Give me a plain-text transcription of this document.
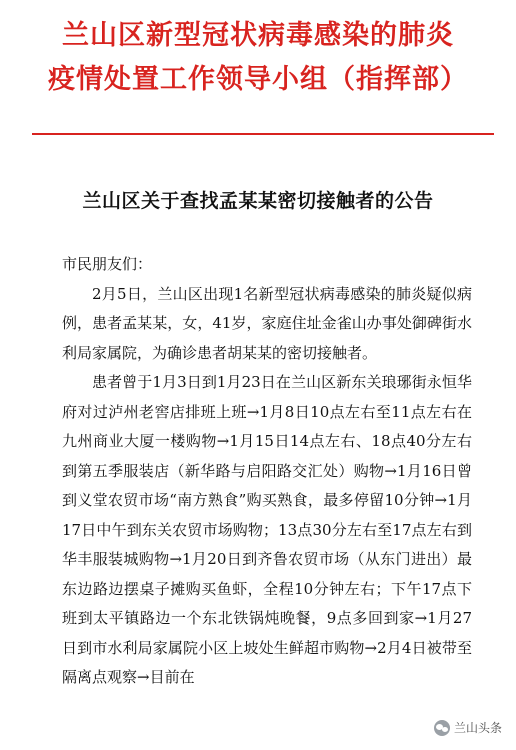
兰山区新型冠状病毒感染的肺炎
疫情处置工作领导小组（指挥部）
兰山区关于查找孟某某密切接触者的公告

市民朋友们：

2月5日，兰山区出现1名新型冠状病毒感染的肺炎疑似病例，患者孟某某，女，41岁，家庭住址金雀山办事处御碑街水利局家属院，为确诊患者胡某某的密切接触者。

患者曾于1月3日到1月23日在兰山区新东关琅琊街永恒华府对过泸州老窖店排班上班→1月8日10点左右至11点左右在九州商业大厦一楼购物→1月15日14点左右、18点40分左右到第五季服装店（新华路与启阳路交汇处）购物→1月16日曾到义堂农贸市场“南方熟食”购买熟食，最多停留10分钟→1月17日中午到东关农贸市场购物；13点30分左右至17点左右到华丰服装城购物→1月20日到齐鲁农贸市场（从东门进出）最东边路边摆桌子摊购买鱼虾，全程10分钟左右；下午17点下班到太平镇路边一个东北铁锅炖晚餐，9点多回到家→1月27日到市水利局家属院小区上坡处生鲜超市购物→2月4日被带至隔离点观察→目前在

兰山头条
